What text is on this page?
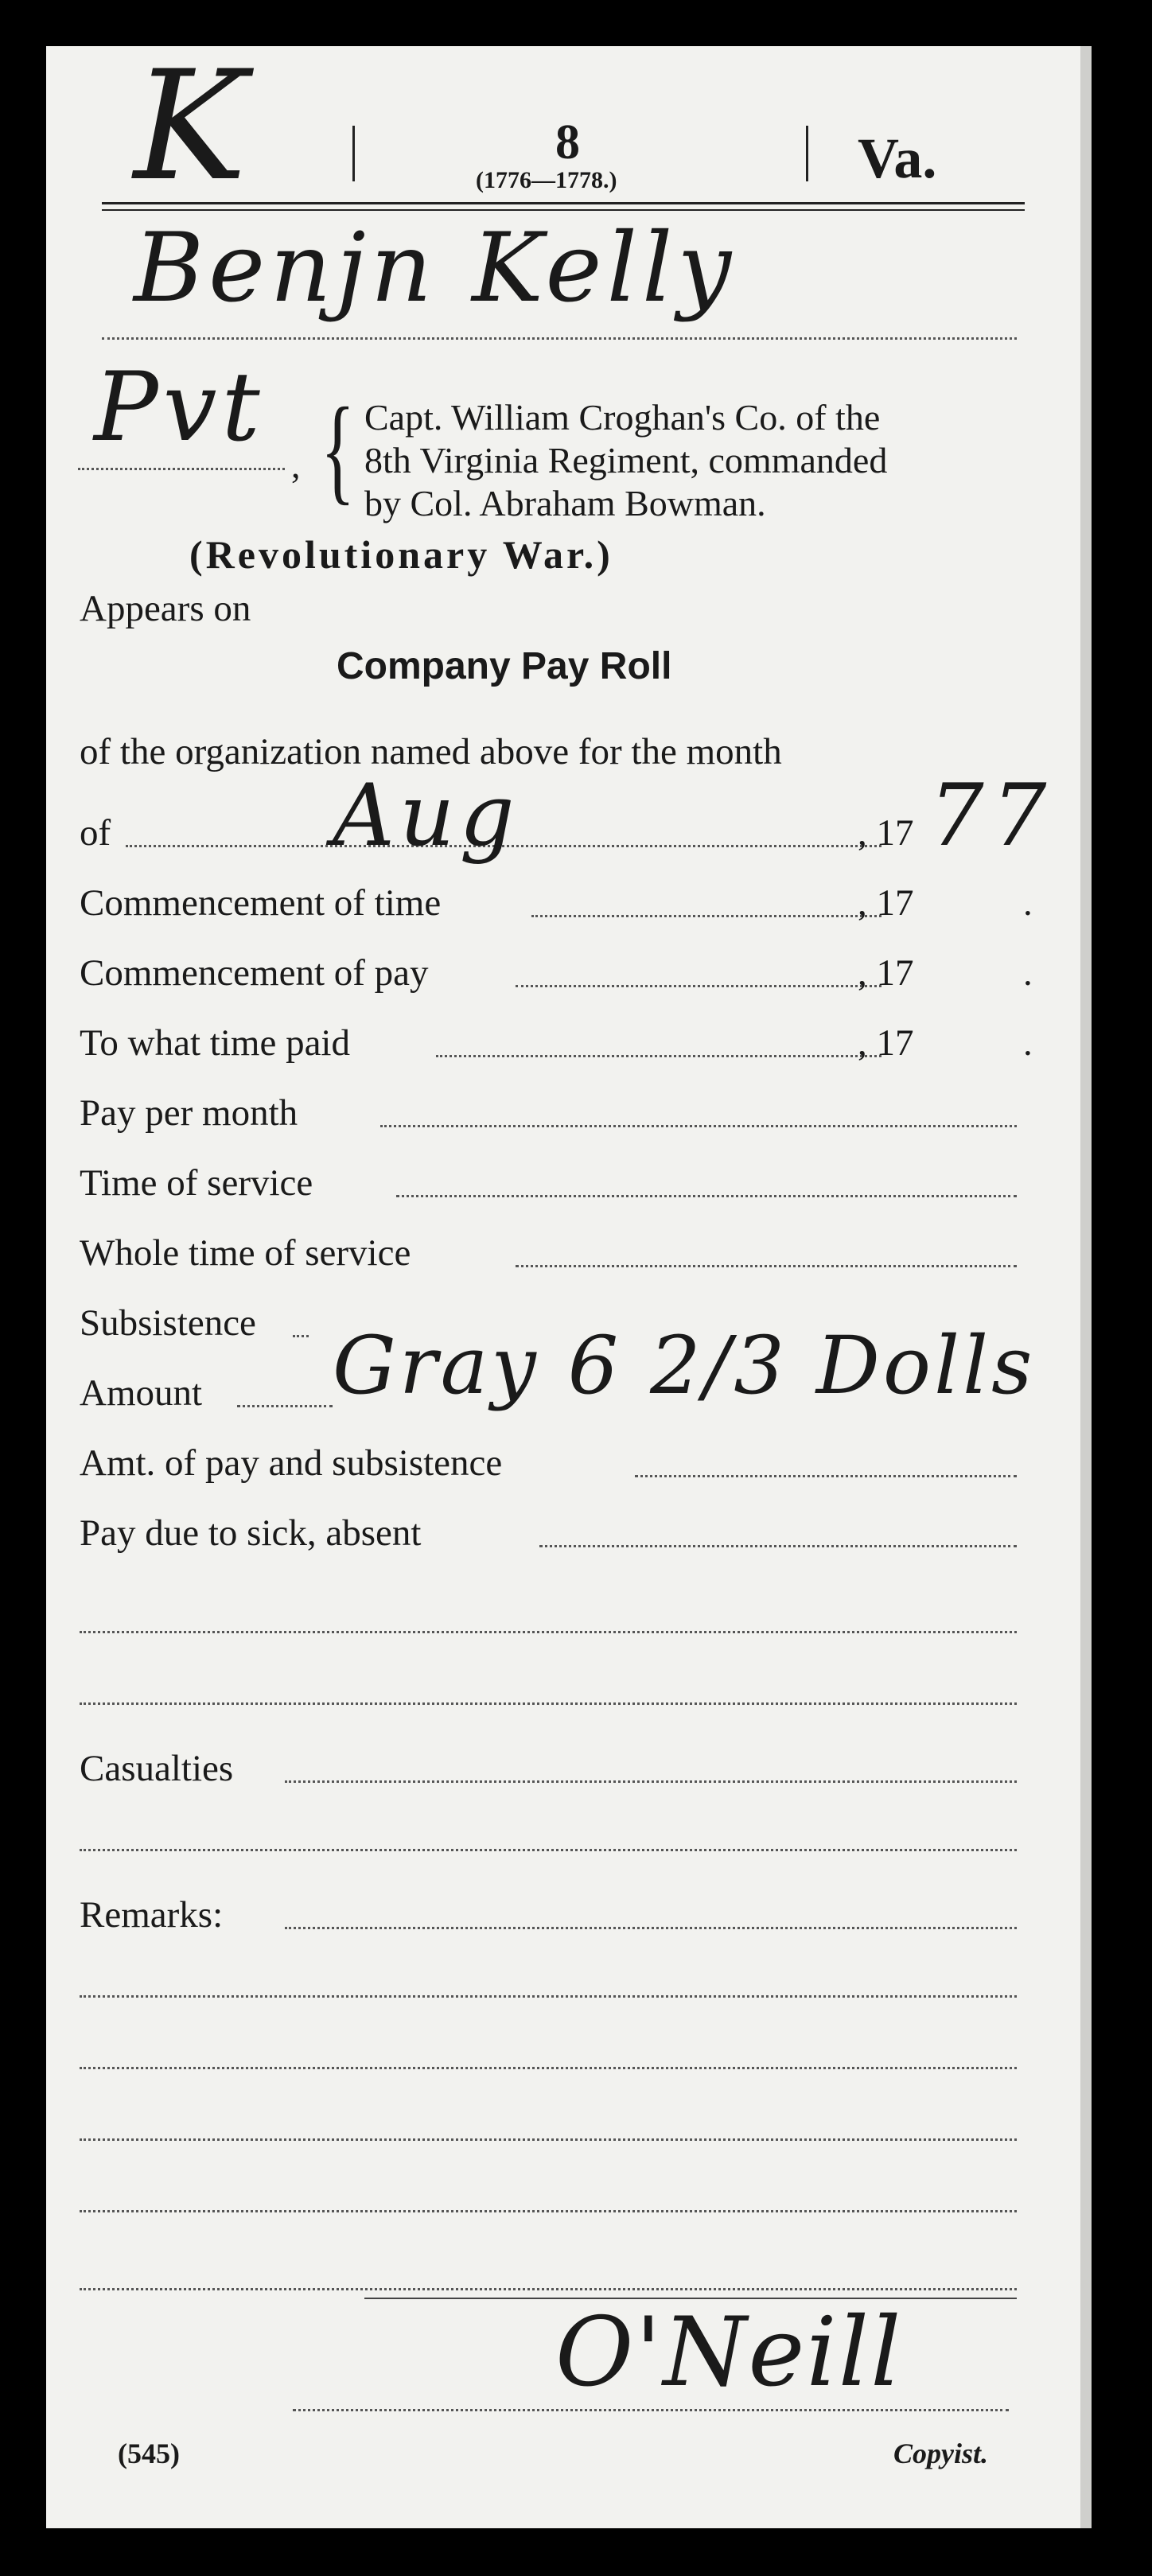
K	8
(1776—1778.)	Va.
Benjn Kelly
Pvt
, { Capt. William Croghan's Co. of the
8th Virginia Regiment, commanded
by Col. Abraham Bowman.
(Revolutionary War.)
Appears on
Company Pay Roll
of the organization named above for the month
of	Aug	, 17 77
Commencement of time	, 17	.
Commencement of pay	, 17	.
To what time paid	, 17	.
Pay per month
Time of service
Whole time of service
Subsistence
Amount Gray 6 2/3 Dolls
Amt. of pay and subsistence
Pay due to sick, absent
Casualties
Remarks:
O'Neill
(545)	Copyist.
